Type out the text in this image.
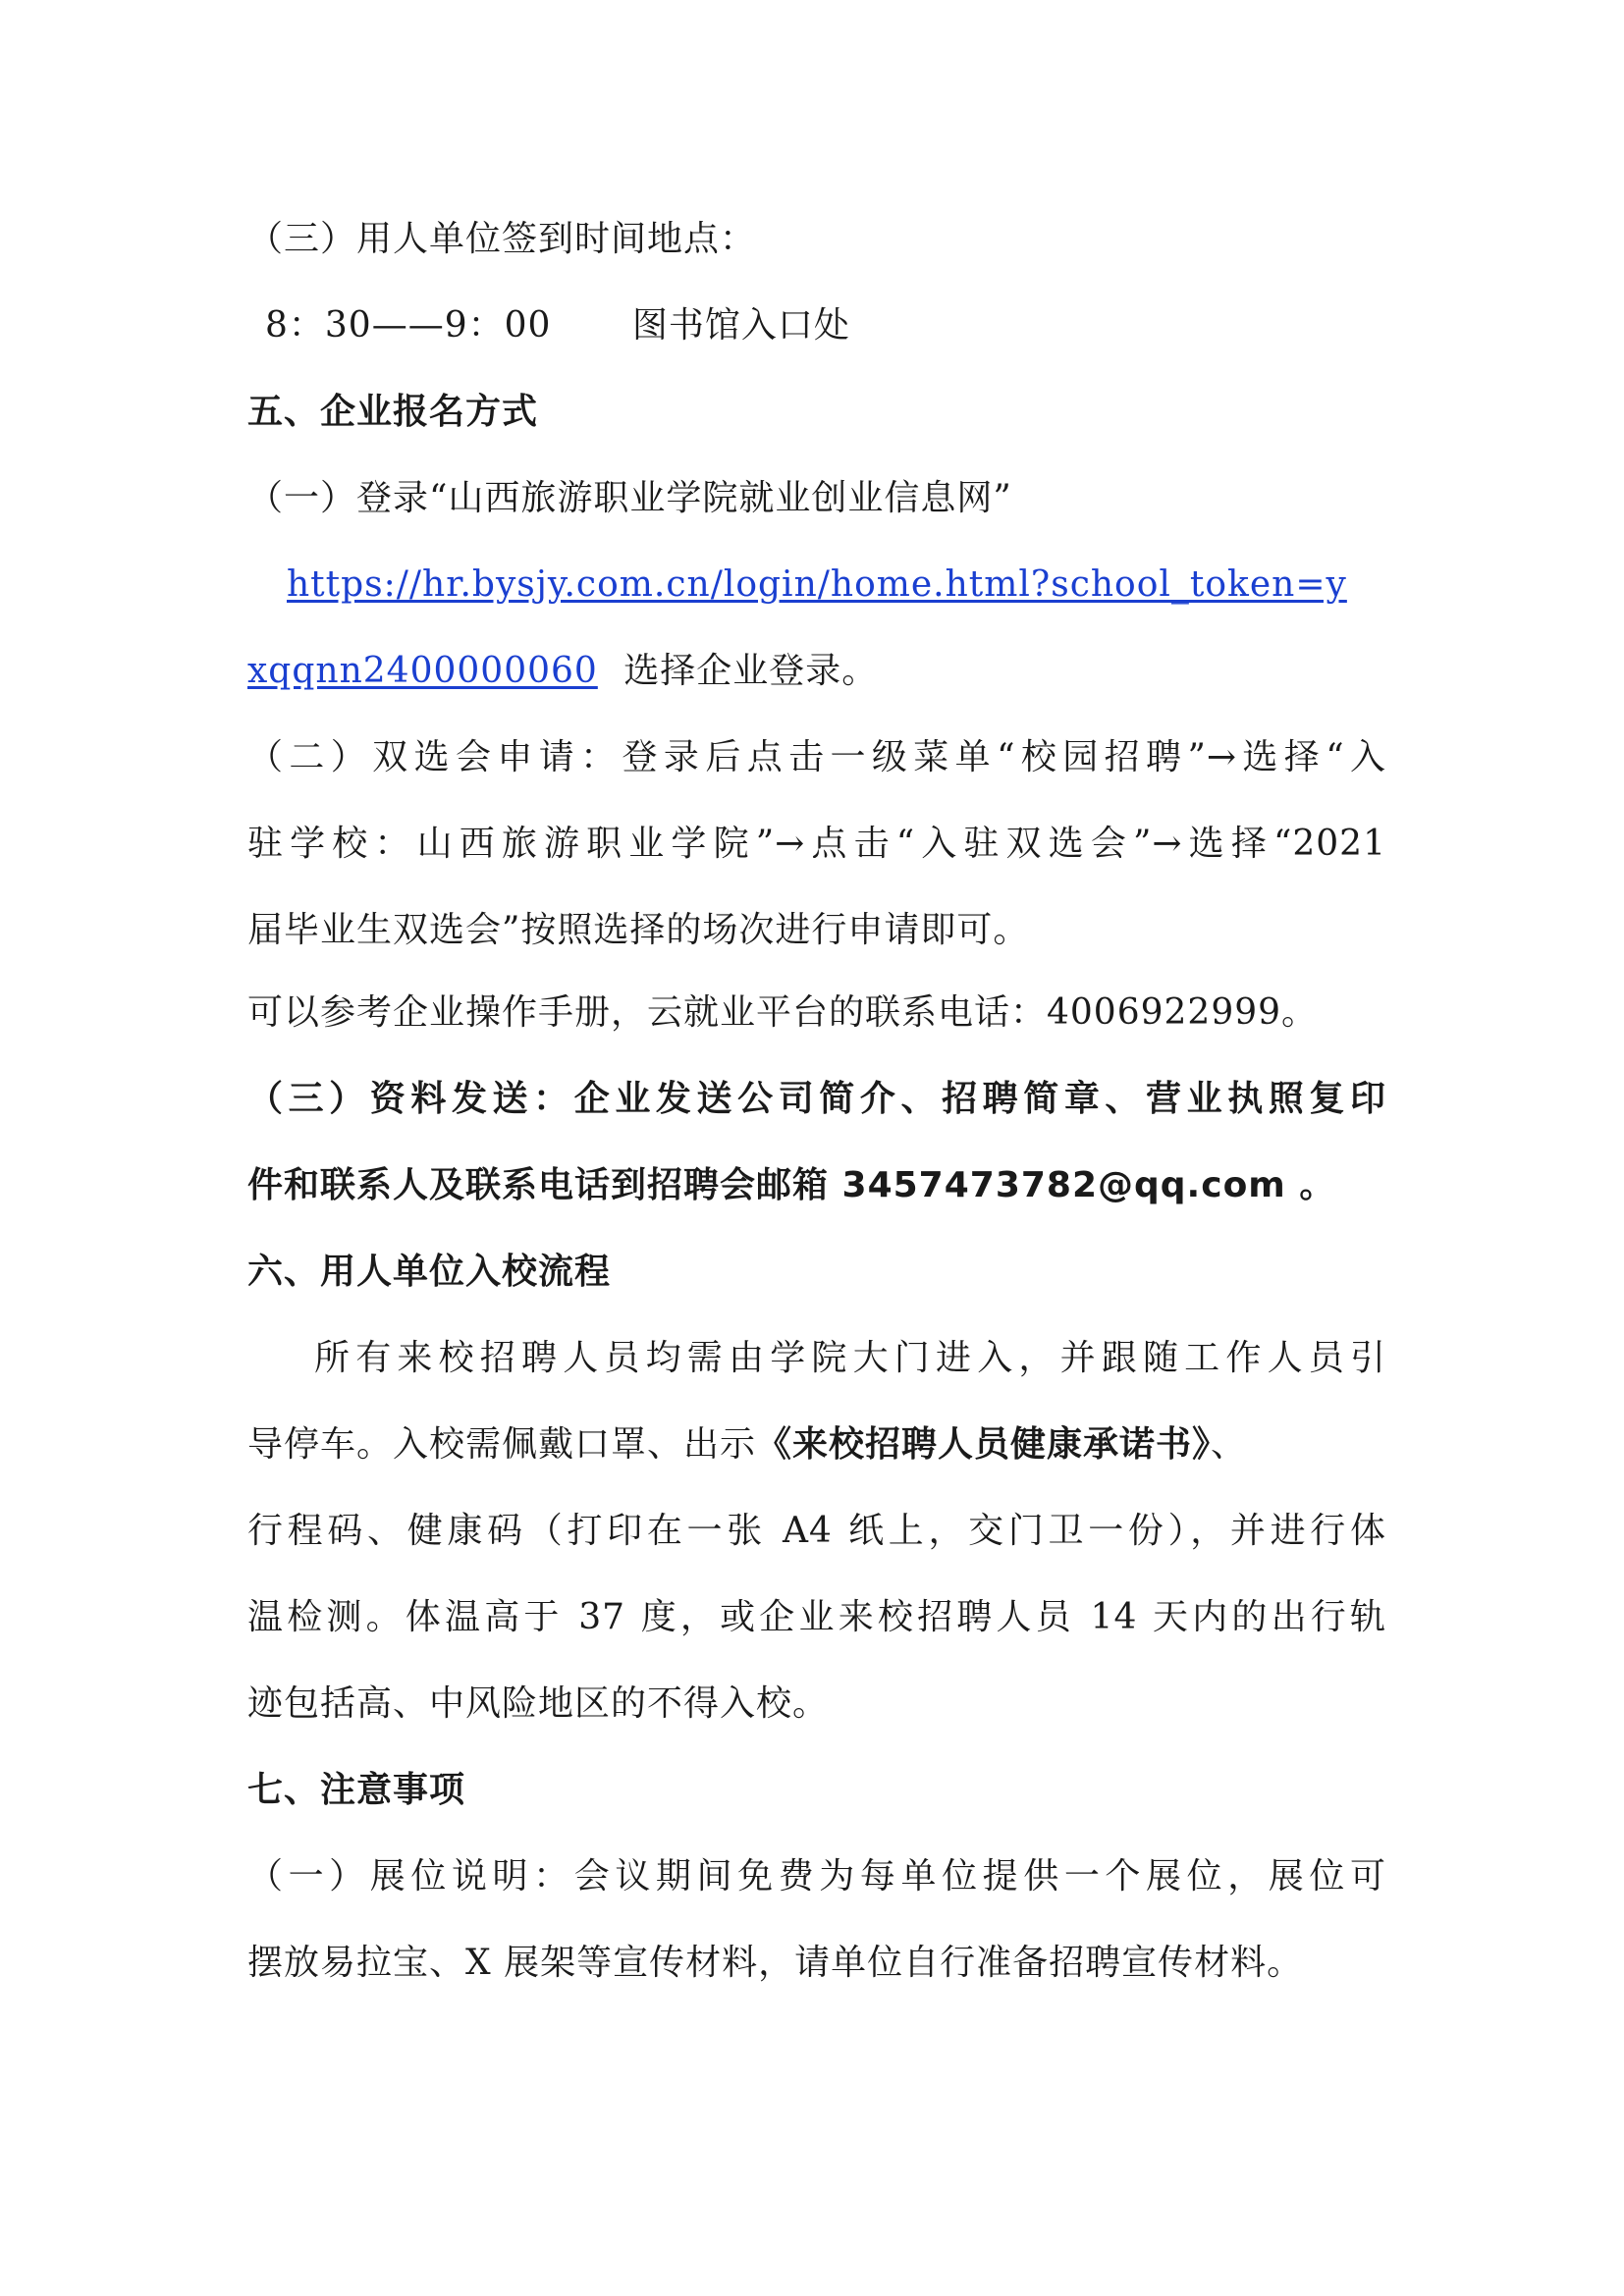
（三）用人单位签到时间地点：
8：30——9：00 图书馆入口处
五、企业报名方式
（一）登录“山西旅游职业学院就业创业信息网”
https://hr.bysjy.com.cn/login/home.html?school_token=y
xqqnn2400000060 选择企业登录。
（二）双选会申请：登录后点击一级菜单“校园招聘”→选择“入
驻学校：山西旅游职业学院”→点击“入驻双选会”→选择“2021
届毕业生双选会”按照选择的场次进行申请即可。
可以参考企业操作手册，云就业平台的联系电话：4006922999。
（三）资料发送：企业发送公司简介、招聘简章、营业执照复印
件和联系人及联系电话到招聘会邮箱 3457473782@qq.com 。
六、用人单位入校流程
所有来校招聘人员均需由学院大门进入，并跟随工作人员引
导停车。入校需佩戴口罩、出示《来校招聘人员健康承诺书》、
行程码、健康码（打印在一张 A4 纸上，交门卫一份），并进行体
温检测。体温高于 37 度，或企业来校招聘人员 14 天内的出行轨
迹包括高、中风险地区的不得入校。
七、注意事项
（一）展位说明：会议期间免费为每单位提供一个展位，展位可
摆放易拉宝、X 展架等宣传材料，请单位自行准备招聘宣传材料。
